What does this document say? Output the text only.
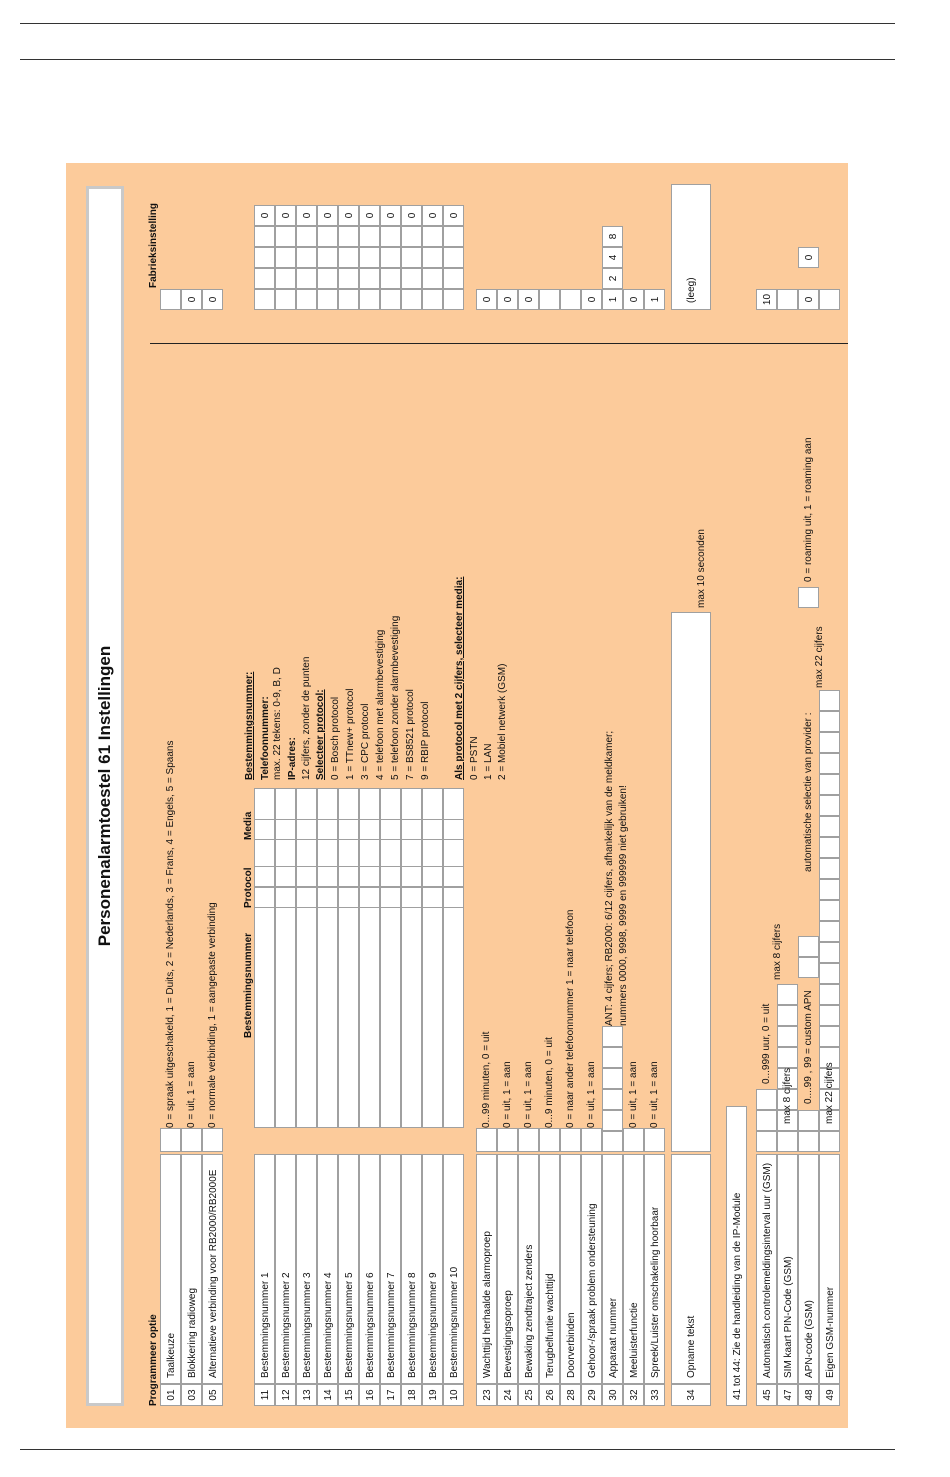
Personenalarmtoestel 61 Instellingen
Programmeer optie
Fabrieksinstelling
Bestemmingsnummer
Protocol
Media
01
Taalkeuze
0 = spraak uitgeschakeld, 1 = Duits, 2 = Nederlands, 3 = Frans, 4 = Engels, 5 = Spaans
03
Blokkering radioweg
0 = uit, 1 = aan
0
05
Alternatieve verbinding voor RB2000/RB2000E
0 = normale verbinding, 1 = aangepaste verbinding
0
11
Bestemmingsnummer 1
0
12
Bestemmingsnummer 2
0
13
Bestemmingsnummer 3
0
14
Bestemmingsnummer 4
0
15
Bestemmingsnummer 5
0
16
Bestemmingsnummer 6
0
17
Bestemmingsnummer 7
0
18
Bestemmingsnummer 8
0
19
Bestemmingsnummer 9
0
10
Bestemmingsnummer 10
0
23
Wachttijd herhaalde alarmoproep
0...99 minuten, 0 = uit
0
24
Bevestigingsoproep
0 = uit, 1 = aan
0
25
Bewaking zendtraject zenders
0 = uit, 1 = aan
0
26
Terugbelfuntie wachttijd
0...9 minuten, 0 = uit
28
Doorverbinden
0 = naar ander telefoonnummer 1 = naar telefoon
29
Gehoor-/spraak problem ondersteuning
0 = uit, 1 = aan
0
30
Apparaat nummer
1
ANT: 4 cijfers; RB2000: 6/12 cijfers, afhankelijk van de meldkamer; nummers 0000, 9998, 9999 en 999999 niet gebruiken!
2
4
8
32
Meeluisterfunctie
0 = uit, 1 = aan
0
33
Spreek/Luister omschakeling hoorbaar
0 = uit, 1 = aan
1
34
Opname tekst
max 10 seconden
(leeg)
41 tot 44: Zie de handleiding van de IP-Module	45
Automatisch controlemeldingsinterval uur (GSM)
0...999 uur, 0 = uit
10
47
SIM kaart PIN-Code (GSM)
max 8 cijfers
max 8 cijfers
48
APN-code (GSM)
0....99 , 99 = custom APN
0
automatische selectie van provider :
0 = roaming uit, 1 = roaming aan
0
49
Eigen GSM-nummer
max 22 cijfers
max 22 cijfers
Bestemmingsnummer: Telefoonnummer: max. 22 tekens: 0-9, B, D IP-adres: 12 cijfers, zonder de punten Selecteer protocol: 0 = Bosch protocol 1 = TTnew+ protocol 3 = CPC protocol 4 = telefoon met alarmbevestiging 5 = telefoon zonder alarmbevestiging 7 = BS8521 protocol 9 = RBIP protocol Als protocol met 2 cijfers, selecteer media: 0 = PSTN 1 = LAN 2 = Mobiel netwerk (GSM)
